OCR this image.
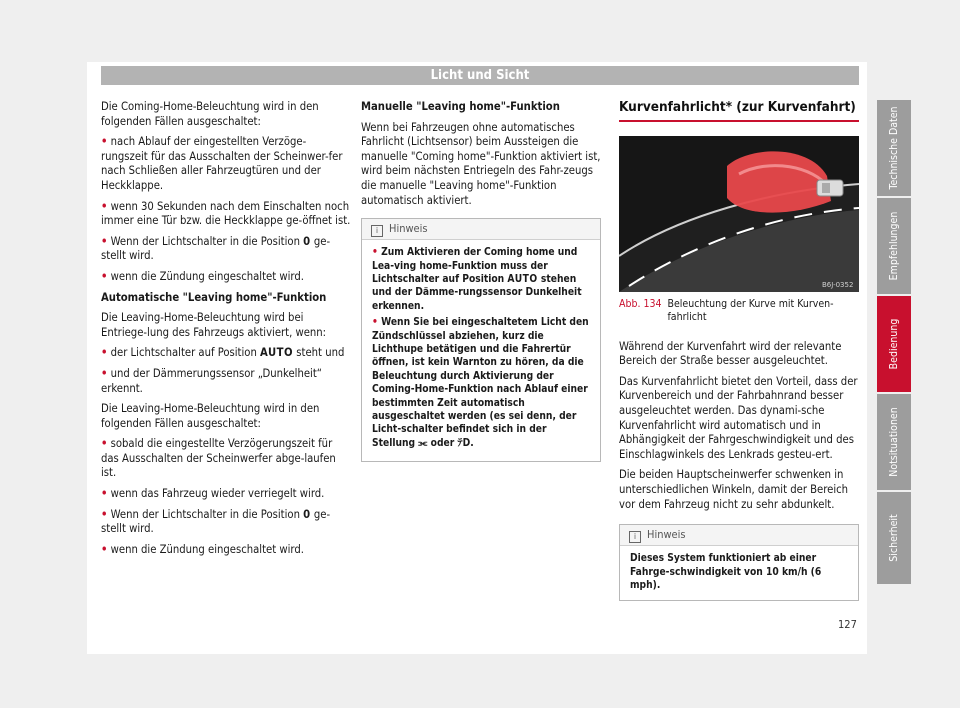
Licht und Sicht

Die Coming-Home-Beleuchtung wird in den folgenden Fällen ausgeschaltet:

• nach Ablauf der eingestellten Verzöge-rungszeit für das Ausschalten der Scheinwer-fer nach Schließen aller Fahrzeugtüren und der Heckklappe.

• wenn 30 Sekunden nach dem Einschalten noch immer eine Tür bzw. die Heckklappe ge-öffnet ist.

• Wenn der Lichtschalter in die Position 0 ge-stellt wird.

• wenn die Zündung eingeschaltet wird.

Automatische "Leaving home"-Funktion

Die Leaving-Home-Beleuchtung wird bei Entriege-lung des Fahrzeugs aktiviert, wenn:

• der Lichtschalter auf Position AUTO steht und

• und der Dämmerungssensor „Dunkelheit“ erkennt.

Die Leaving-Home-Beleuchtung wird in den folgenden Fällen ausgeschaltet:

• sobald die eingestellte Verzögerungszeit für das Ausschalten der Scheinwerfer abge-laufen ist.

• wenn das Fahrzeug wieder verriegelt wird.

• Wenn der Lichtschalter in die Position 0 ge-stellt wird.

• wenn die Zündung eingeschaltet wird.

Manuelle "Leaving home"-Funktion

Wenn bei Fahrzeugen ohne automatisches Fahrlicht (Lichtsensor) beim Aussteigen die manuelle "Coming home"-Funktion aktiviert ist, wird beim nächsten Entriegeln des Fahr-zeugs die manuelle "Leaving home"-Funktion automatisch aktiviert.

i Hinweis

• Zum Aktivieren der Coming home und Lea-ving home-Funktion muss der Lichtschalter auf Position AUTO stehen und der Dämme-rungssensor Dunkelheit erkennen.

• Wenn Sie bei eingeschaltetem Licht den Zündschlüssel abziehen, kurz die Lichthupe betätigen und die Fahrertür öffnen, ist kein Warnton zu hören, da die Beleuchtung durch Aktivierung der Coming-Home-Funktion nach Ablauf einer bestimmten Zeit automatisch ausgeschaltet werden (es sei denn, der Licht-schalter befindet sich in der Stellung ⫘ oder ﾃD.

Kurvenfahrlicht* (zur Kurvenfahrt)
B6J-0352
Abb. 134 Beleuchtung der Kurve mit Kurven-fahrlicht

Während der Kurvenfahrt wird der relevante Bereich der Straße besser ausgeleuchtet.

Das Kurvenfahrlicht bietet den Vorteil, dass der Kurvenbereich und der Fahrbahnrand besser ausgeleuchtet werden. Das dynami-sche Kurvenfahrlicht wird automatisch und in Abhängigkeit der Fahrgeschwindigkeit und des Einschlagwinkels des Lenkrads gesteu-ert.

Die beiden Hauptscheinwerfer schwenken in unterschiedlichen Winkeln, damit der Bereich vor dem Fahrzeug nicht zu sehr abdunkelt.

i Hinweis
Dieses System funktioniert ab einer Fahrge-schwindigkeit von 10 km/h (6 mph).
Technische Daten
Empfehlungen
Bedienung
Notsituationen
Sicherheit
127
